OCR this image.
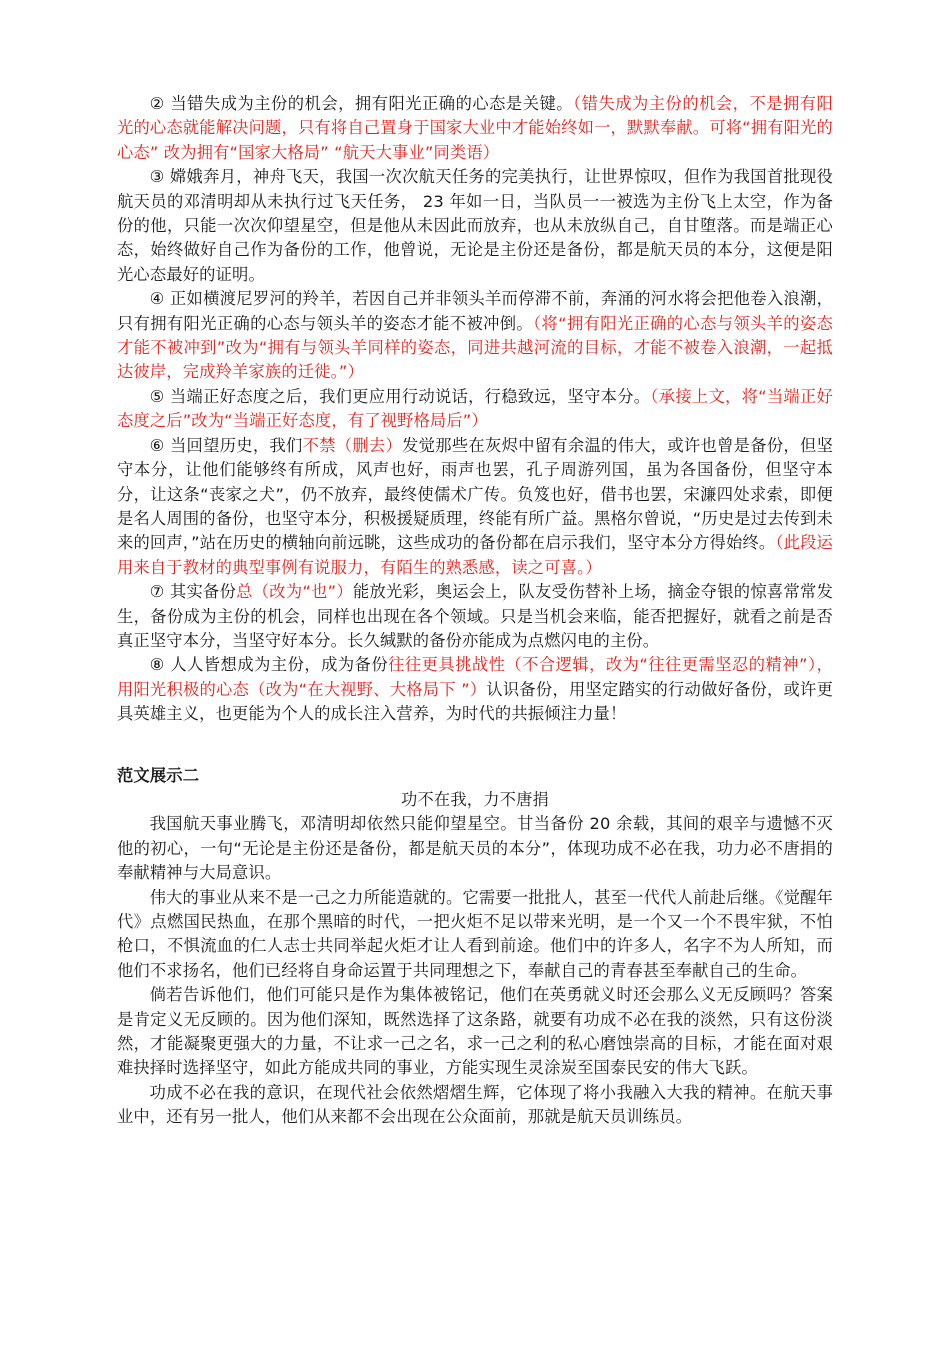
② 当错失成为主份的机会，拥有阳光正确的心态是关键。（错失成为主份的机会，不是拥有阳光的心态就能解决问题，只有将自己置身于国家大业中才能始终如一，默默奉献。可将“拥有阳光的心态” 改为拥有“国家大格局” “航天大事业”同类语）

③ 嫦娥奔月，神舟飞天，我国一次次航天任务的完美执行，让世界惊叹，但作为我国首批现役航天员的邓清明却从未执行过飞天任务， 23 年如一日，当队员一一被选为主份飞上太空，作为备份的他，只能一次次仰望星空，但是他从未因此而放弃，也从未放纵自己，自甘堕落。而是端正心态，始终做好自己作为备份的工作，他曾说，无论是主份还是备份，都是航天员的本分，这便是阳光心态最好的证明。

④ 正如横渡尼罗河的羚羊，若因自己并非领头羊而停滞不前，奔涌的河水将会把他卷入浪潮，只有拥有阳光正确的心态与领头羊的姿态才能不被冲倒。（将“拥有阳光正确的心态与领头羊的姿态才能不被冲到”改为“拥有与领头羊同样的姿态，同进共越河流的目标，才能不被卷入浪潮，一起抵达彼岸，完成羚羊家族的迁徙。”）

⑤ 当端正好态度之后，我们更应用行动说话，行稳致远，坚守本分。（承接上文，将“当端正好态度之后”改为“当端正好态度，有了视野格局后”）

⑥ 当回望历史，我们不禁（删去）发觉那些在灰烬中留有余温的伟大，或许也曾是备份，但坚守本分，让他们能够终有所成，风声也好，雨声也罢，孔子周游列国，虽为各国备份，但坚守本分，让这条“丧家之犬”，仍不放弃，最终使儒术广传。负笈也好，借书也罢，宋濂四处求索，即便是名人周围的备份，也坚守本分，积极援疑质理，终能有所广益。黑格尔曾说，“历史是过去传到未来的回声，”站在历史的横轴向前远眺，这些成功的备份都在启示我们，坚守本分方得始终。（此段运用来自于教材的典型事例有说服力，有陌生的熟悉感，读之可喜。）

⑦ 其实备份总（改为“也”）能放光彩，奥运会上，队友受伤替补上场，摘金夺银的惊喜常常发生，备份成为主份的机会，同样也出现在各个领域。只是当机会来临，能否把握好，就看之前是否真正坚守本分，当坚守好本分。长久缄默的备份亦能成为点燃闪电的主份。

⑧ 人人皆想成为主份，成为备份往往更具挑战性（不合逻辑，改为“往往更需坚忍的精神”），用阳光积极的心态（改为“在大视野、大格局下 ”）认识备份，用坚定踏实的行动做好备份，或许更具英雄主义，也更能为个人的成长注入营养，为时代的共振倾注力量！

范文展示二

功不在我，力不唐捐

我国航天事业腾飞，邓清明却依然只能仰望星空。甘当备份 20 余载，其间的艰辛与遗憾不灭他的初心，一句“无论是主份还是备份，都是航天员的本分”，体现功成不必在我，功力必不唐捐的奉献精神与大局意识。

伟大的事业从来不是一己之力所能造就的。它需要一批批人，甚至一代代人前赴后继。《觉醒年代》点燃国民热血，在那个黑暗的时代，一把火炬不足以带来光明，是一个又一个不畏牢狱，不怕枪口，不惧流血的仁人志士共同举起火炬才让人看到前途。他们中的许多人，名字不为人所知，而他们不求扬名，他们已经将自身命运置于共同理想之下，奉献自己的青春甚至奉献自己的生命。

倘若告诉他们，他们可能只是作为集体被铭记，他们在英勇就义时还会那么义无反顾吗？答案是肯定义无反顾的。因为他们深知，既然选择了这条路，就要有功成不必在我的淡然，只有这份淡然，才能凝聚更强大的力量，不让求一己之名，求一己之利的私心磨蚀崇高的目标，才能在面对艰难抉择时选择坚守，如此方能成共同的事业，方能实现生灵涂炭至国泰民安的伟大飞跃。

功成不必在我的意识，在现代社会依然熠熠生辉，它体现了将小我融入大我的精神。在航天事业中，还有另一批人，他们从来都不会出现在公众面前，那就是航天员训练员。
